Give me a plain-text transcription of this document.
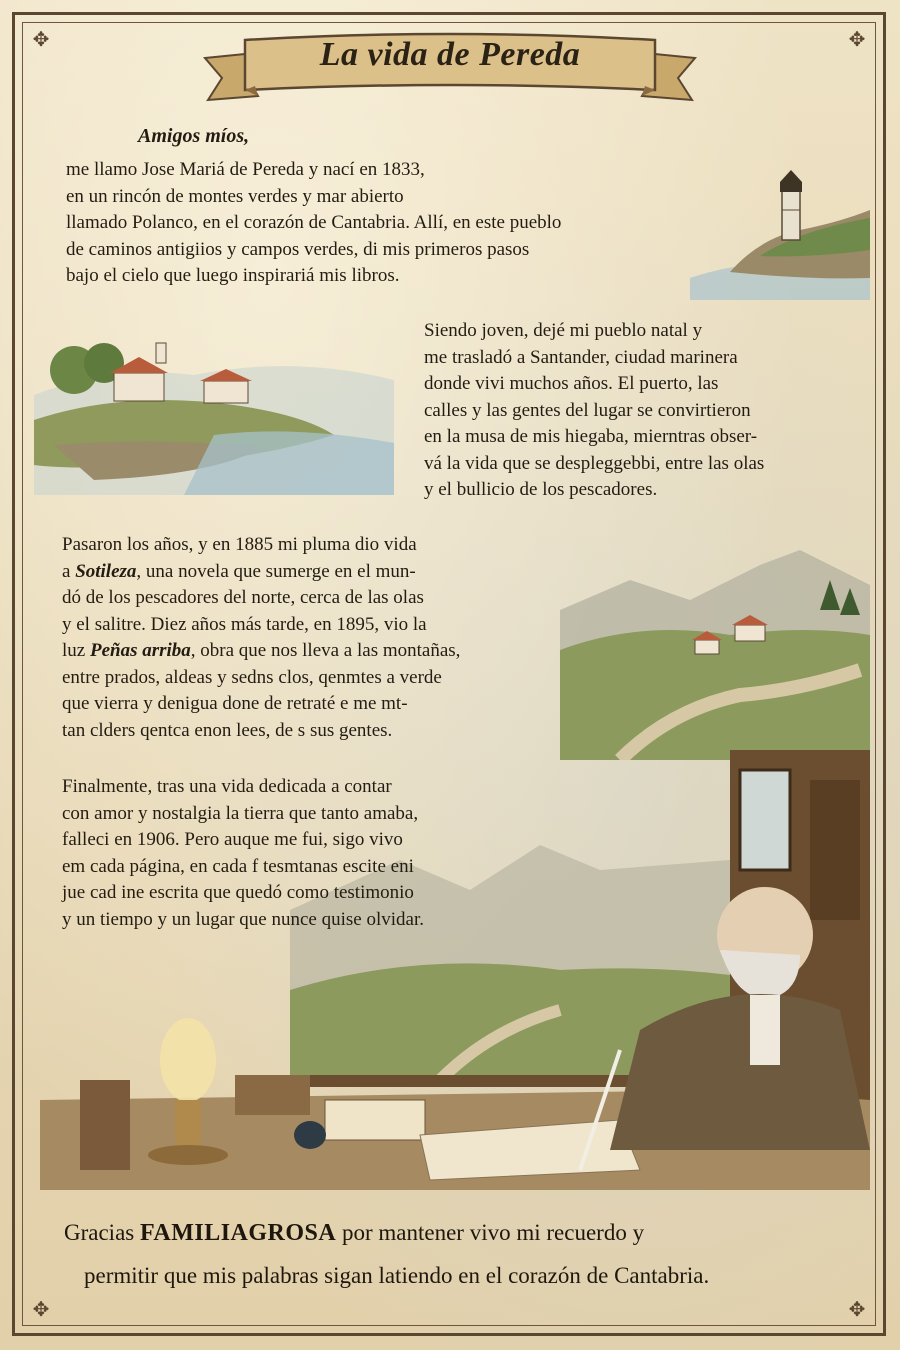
✥	✥
✥	✥
La vida de Pereda
Amigos míos,
me llamo Jose Mariá de Pereda y nací en 1833,
en un rincón de montes verdes y mar abierto
llamado Polanco, en el corazón de Cantabria. Allí, en este pueblo
de caminos antigiios y campos verdes, di mis primeros pasos
bajo el cielo que luego inspirariá mis libros.
Siendo joven, dejé mi pueblo natal y
me trasladó a Santander, ciudad marinera
donde vivi muchos años. El puerto, las
calles y las gentes del lugar se convirtieron
en la musa de mis hiegaba, mierntras obser-
vá la vida que se despleggebbi, entre las olas
y el bullicio de los pescadores.
Pasaron los años, y en 1885 mi pluma dio vida
a Sotileza, una novela que sumerge en el mun-
dó de los pescadores del norte, cerca de las olas
y el salitre. Diez años más tarde, en 1895, vio la
luz Peñas arriba, obra que nos lleva a las montañas,
entre prados, aldeas y sedns clos, qenmtes a verde
que vierra y denigua done de retraté e me mt-
tan clders qentca enon lees, de s sus gentes.
Finalmente, tras una vida dedicada a contar
con amor y nostalgia la tierra que tanto amaba,
falleci en 1906. Pero auque me fui, sigo vivo
em cada página, en cada f tesmtanas escite eni
jue cad ine escrita que quedó como testimonio
y un tiempo y un lugar que nunce quise olvidar.
Gracias FAMILIAGROSA por mantener vivo mi recuerdo y
permitir que mis palabras sigan latiendo en el corazón de Cantabria.
